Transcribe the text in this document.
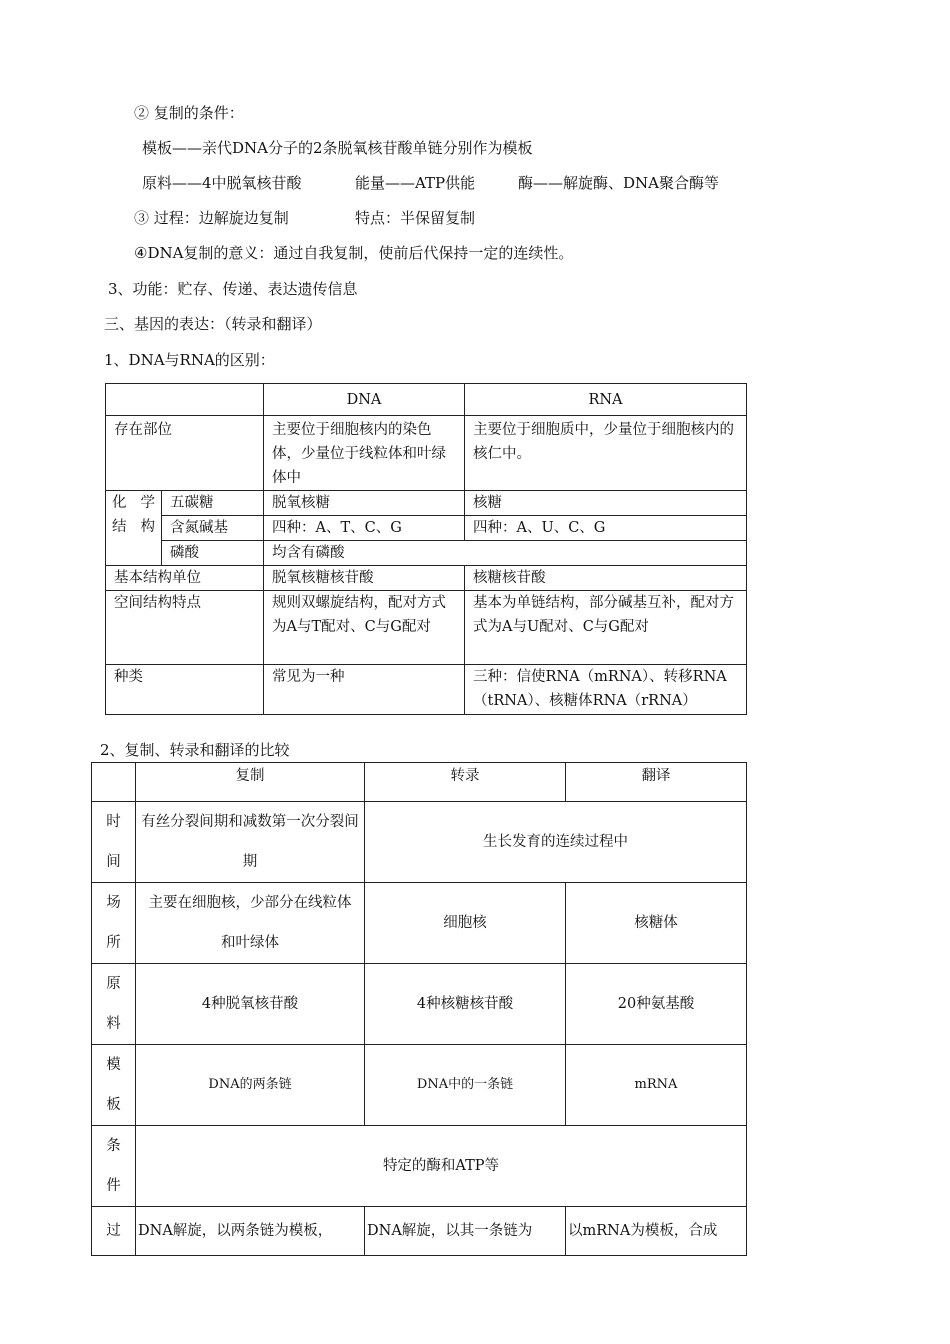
② 复制的条件：
模板——亲代DNA分子的2条脱氧核苷酸单链分别作为模板
原料——4中脱氧核苷酸	能量——ATP供能	酶——解旋酶、DNA聚合酶等
③ 过程：边解旋边复制	特点：半保留复制
④DNA复制的意义：通过自我复制，使前后代保持一定的连续性。
3、功能：贮存、传递、表达遗传信息
三、基因的表达：（转录和翻译）
1、DNA与RNA的区别：
		DNA	RNA
存在部位		主要位于细胞核内的染色体，少量位于线粒体和叶绿体中	主要位于细胞质中，少量位于细胞核内的核仁中。
化学结构	五碳糖	脱氧核糖	核糖
	含氮碱基	四种：A、T、C、G	四种：A、U、C、G
	磷酸	均含有磷酸	
基本结构单位		脱氧核糖核苷酸	核糖核苷酸
空间结构特点		规则双螺旋结构，配对方式为A与T配对、C与G配对	基本为单链结构，部分碱基互补，配对方式为A与U配对、C与G配对
种类		常见为一种	三种：信使RNA（mRNA）、转移RNA（tRNA）、核糖体RNA（rRNA）
2、复制、转录和翻译的比较
	复制	转录	翻译

时
间	有丝分裂间期和减数第一次分裂间期	生长发育的连续过程中	

场
所	主要在细胞核，少部分在线粒体和叶绿体	细胞核	核糖体

原
料	4种脱氧核苷酸	4种核糖核苷酸	20种氨基酸

模
板	DNA的两条链	DNA中的一条链	mRNA

条
件	特定的酶和ATP等		
过	DNA解旋，以两条链为模板，	DNA解旋，以其一条链为	以mRNA为模板，合成
